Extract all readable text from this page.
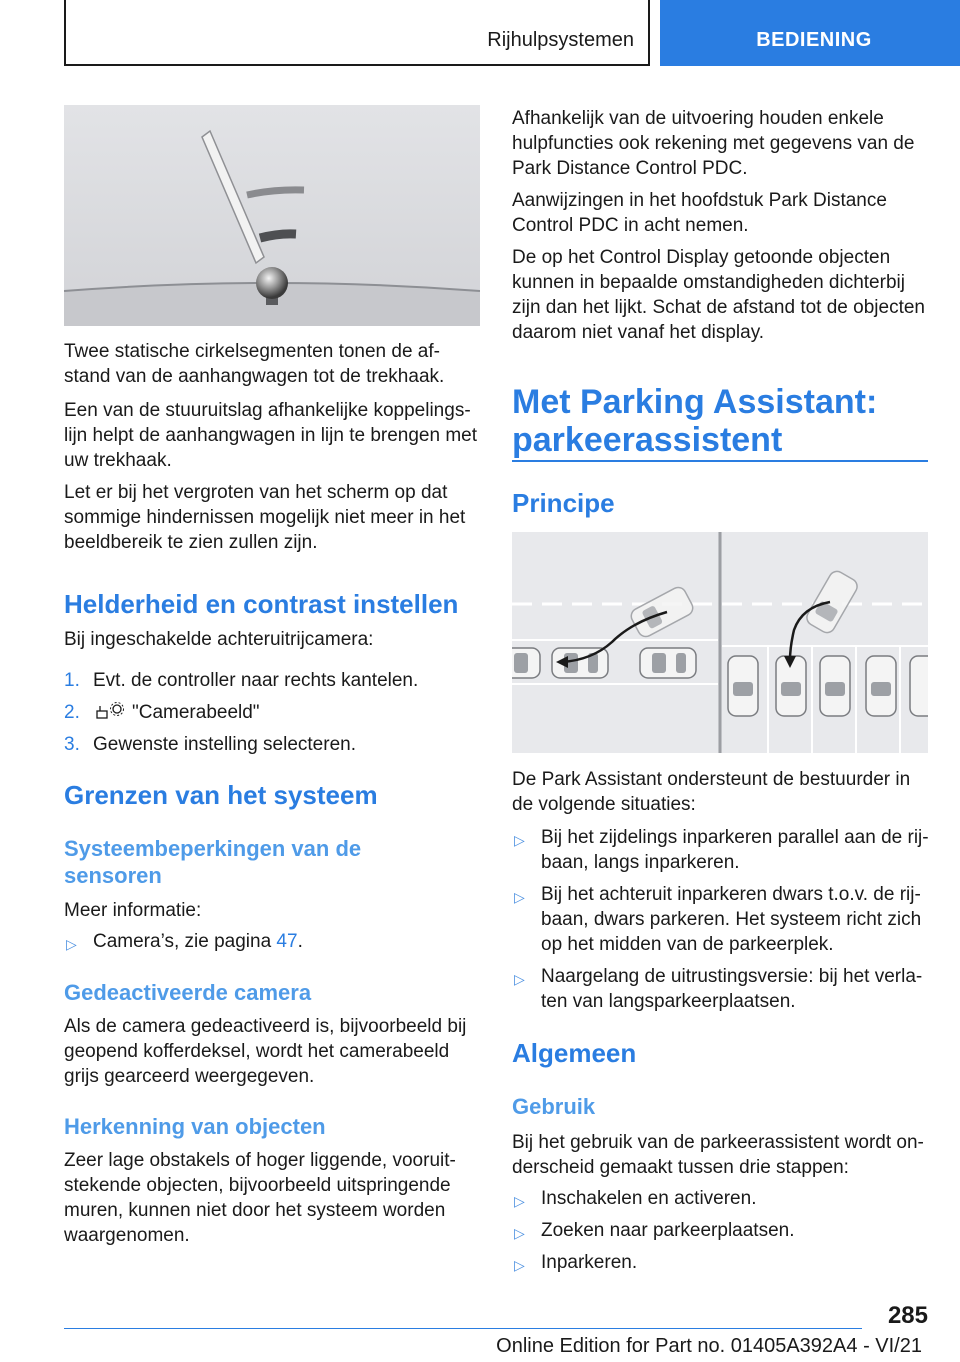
Rijhulpsystemen	BEDIENING

Twee statische cirkelsegmenten tonen de af-
stand van de aanhangwagen tot de trekhaak.

Een van de stuuruitslag afhankelijke koppelings-
lijn helpt de aanhangwagen in lijn te brengen met
uw trekhaak.

Let er bij het vergroten van het scherm op dat
sommige hindernissen mogelijk niet meer in het
beeldbereik te zien zullen zijn.

Helderheid en contrast instellen

Bij ingeschakelde achteruitrijcamera:

1. Evt. de controller naar rechts kantelen.
2.	"Camerabeeld"
3. Gewenste instelling selecteren.
Grenzen van het systeem
Systeembeperkingen van de
sensoren

Meer informatie:

▷ Camera’s, zie pagina 47.
Gedeactiveerde camera

Als de camera gedeactiveerd is, bijvoorbeeld bij
geopend kofferdeksel, wordt het camerabeeld
grijs gearceerd weergegeven.

Herkenning van objecten

Zeer lage obstakels of hoger liggende, vooruit-
stekende objecten, bijvoorbeeld uitspringende
muren, kunnen niet door het systeem worden
waargenomen.

Afhankelijk van de uitvoering houden enkele
hulpfuncties ook rekening met gegevens van de
Park Distance Control PDC.

Aanwijzingen in het hoofdstuk Park Distance
Control PDC in acht nemen.

De op het Control Display getoonde objecten
kunnen in bepaalde omstandigheden dichterbij
zijn dan het lijkt. Schat de afstand tot de objecten
daarom niet vanaf het display.

Met Parking Assistant:
parkeerassistent
Principe

De Park Assistant ondersteunt de bestuurder in
de volgende situaties:

▷ Bij het zijdelings inparkeren parallel aan de rij-
baan, langs inparkeren.
▷ Bij het achteruit inparkeren dwars t.o.v. de rij-
baan, dwars parkeren. Het systeem richt zich
op het midden van de parkeerplek.
▷ Naargelang de uitrustingsversie: bij het verla-
ten van langsparkeerplaatsen.
Algemeen
Gebruik

Bij het gebruik van de parkeerassistent wordt on-
derscheid gemaakt tussen drie stappen:

▷ Inschakelen en activeren.
▷ Zoeken naar parkeerplaatsen.
▷ Inparkeren.
285
Online Edition for Part no. 01405A392A4 - VI/21
